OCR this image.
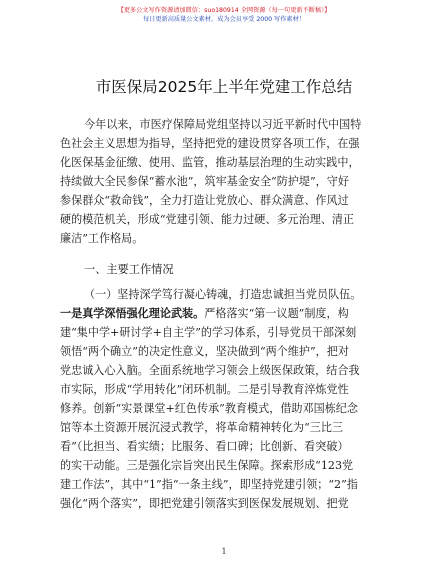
【更多公文写作资源请加微信：suo180914 全网资源（每一句更新不断稿）】
每日更新高质量公文素材，成为会员享受 2000 写作素材！
市医保局2025年上半年党建工作总结
今年以来，市医疗保障局党组坚持以习近平新时代中国特
色社会主义思想为指导，坚持把党的建设贯穿各项工作，在强
化医保基金征缴、使用、监管，推动基层治理的生动实践中，
持续做大全民参保“蓄水池”，筑牢基金安全“防护堤”，守好
参保群众“救命钱”，全力打造让党放心、群众满意、作风过
硬的模范机关，形成“党建引领、能力过硬、多元治理、清正
廉洁”工作格局。
一、主要工作情况
（一）坚持深学笃行凝心铸魂，打造忠诚担当党员队伍。
一是真学深悟强化理论武装。严格落实“第一议题”制度，构
建“集中学+研讨学+自主学”的学习体系，引导党员干部深刻
领悟“两个确立”的决定性意义，坚决做到“两个维护”，把对
党忠诚入心入脑。全面系统地学习领会上级医保政策，结合我
市实际，形成“学用转化”闭环机制。二是引导教育淬炼党性
修养。创新“实景课堂+红色传承”教育模式，借助邓国栋纪念
馆等本土资源开展沉浸式教学，将革命精神转化为“三比三
看”（比担当、看实绩；比服务、看口碑；比创新、看突破）
的实干动能。三是强化宗旨突出民生保障。探索形成“123党
建工作法”，其中“1”指“一条主线”，即坚持党建引领；“2”指
强化“两个落实”，即把党建引领落实到医保发展规划、把党
1
